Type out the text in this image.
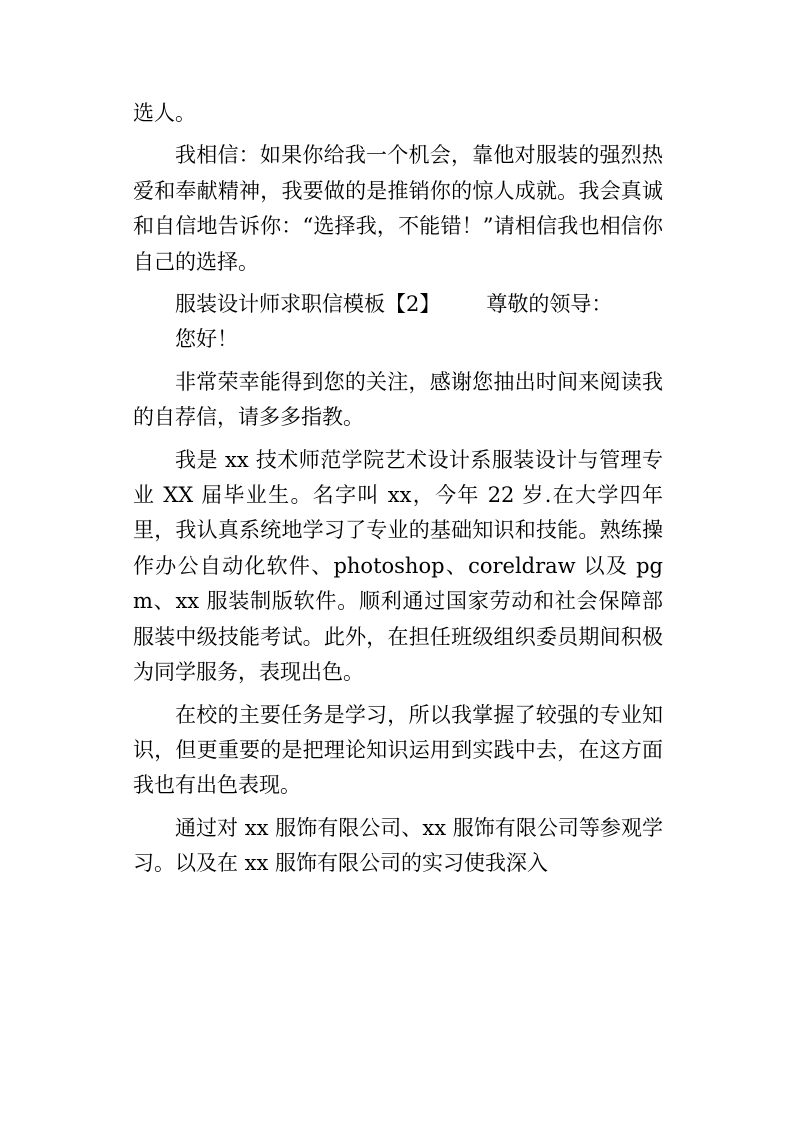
选人。

我相信：如果你给我一个机会，靠他对服装的强烈热爱和奉献精神，我要做的是推销你的惊人成就。我会真诚和自信地告诉你：“选择我，不能错！”请相信我也相信你自己的选择。

服装设计师求职信模板【2】 尊敬的领导：

您好！

非常荣幸能得到您的关注，感谢您抽出时间来阅读我的自荐信，请多多指教。

我是 xx 技术师范学院艺术设计系服装设计与管理专业 XX 届毕业生。名字叫 xx，今年 22 岁.在大学四年里，我认真系统地学习了专业的基础知识和技能。熟练操作办公自动化软件、photoshop、coreldraw 以及 pgm、xx 服装制版软件。顺利通过国家劳动和社会保障部服装中级技能考试。此外，在担任班级组织委员期间积极为同学服务，表现出色。

在校的主要任务是学习，所以我掌握了较强的专业知识，但更重要的是把理论知识运用到实践中去，在这方面我也有出色表现。

通过对 xx 服饰有限公司、xx 服饰有限公司等参观学习。以及在 xx 服饰有限公司的实习使我深入
